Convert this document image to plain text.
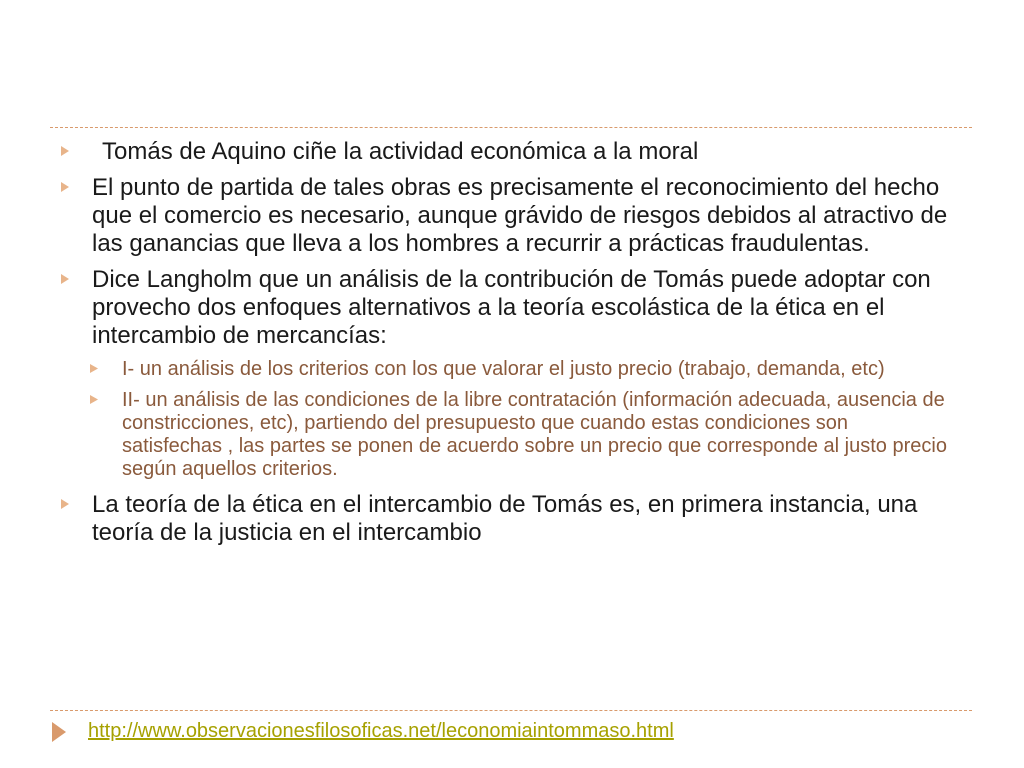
Tomás de Aquino ciñe la actividad económica a la moral
El punto de partida de tales obras es precisamente el reconocimiento del hecho que el comercio es necesario, aunque grávido de riesgos debidos al atractivo de las ganancias que lleva a los hombres a recurrir a prácticas fraudulentas.
Dice Langholm que un análisis de la contribución de Tomás puede adoptar con provecho dos enfoques alternativos a la teoría escolástica de la ética en el intercambio de mercancías:
I- un análisis de los criterios con los que valorar el justo precio (trabajo, demanda, etc)
II- un análisis de las condiciones de la libre contratación (información adecuada, ausencia de constricciones, etc), partiendo del presupuesto que cuando estas condiciones son satisfechas , las partes se ponen de acuerdo sobre un precio que corresponde al justo precio según aquellos criterios.
La teoría de la ética en el intercambio de Tomás es, en primera instancia, una teoría de la justicia en el intercambio
http://www.observacionesfilosoficas.net/leconomiaintommaso.html
